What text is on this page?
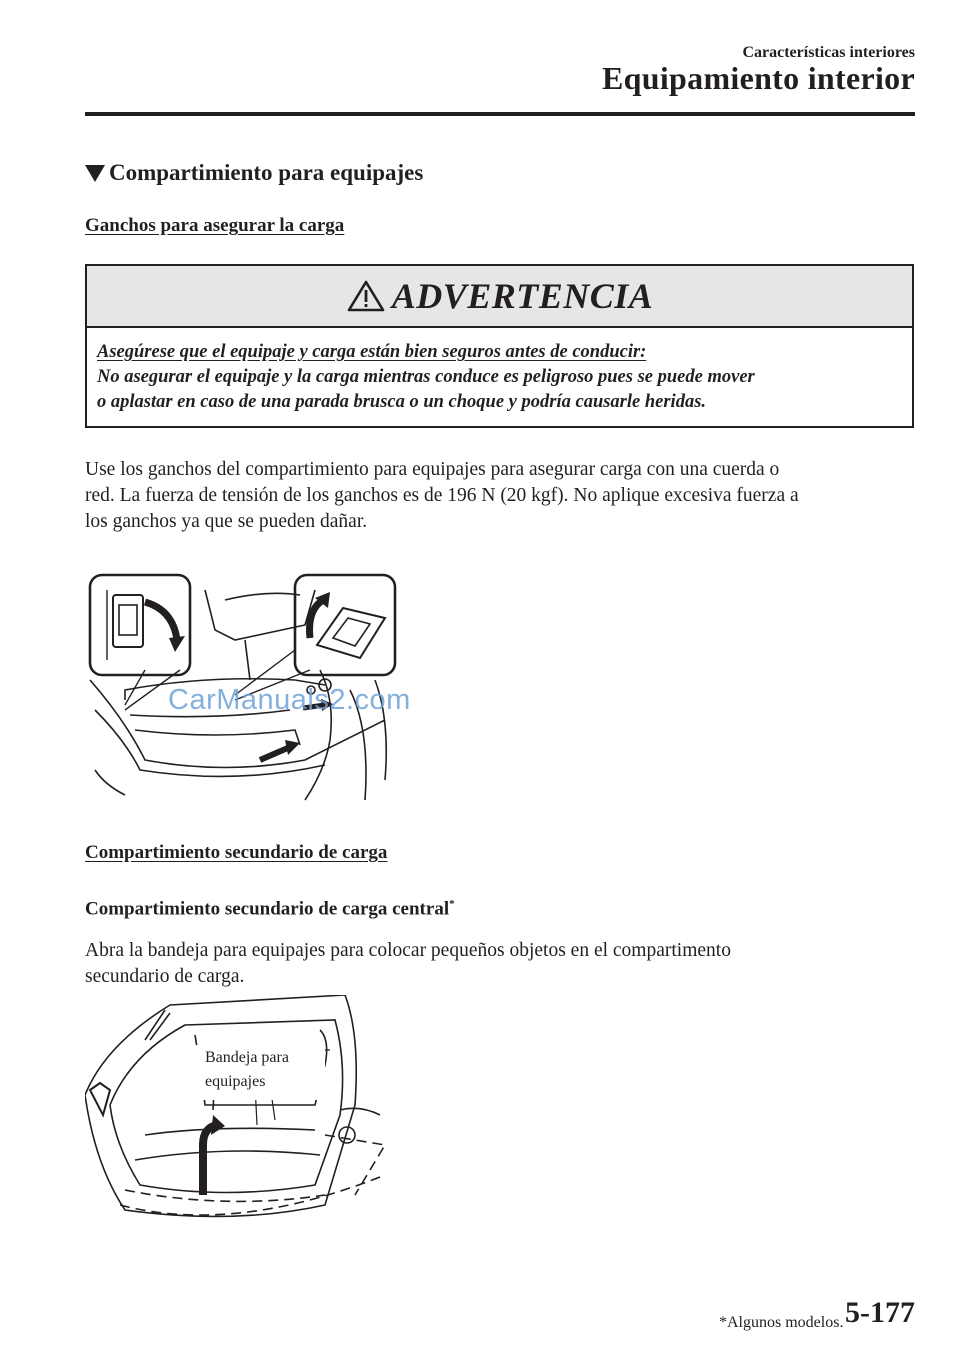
Características interiores
Equipamiento interior
Compartimiento para equipajes
Ganchos para asegurar la carga
ADVERTENCIA
Asegúrese que el equipaje y carga están bien seguros antes de conducir:
No asegurar el equipaje y la carga mientras conduce es peligroso pues se puede mover
o aplastar en caso de una parada brusca o un choque y podría causarle heridas.
Use los ganchos del compartimiento para equipajes para asegurar carga con una cuerda o
red. La fuerza de tensión de los ganchos es de 196 N (20 kgf). No aplique excesiva fuerza a
los ganchos ya que se pueden dañar.
CarManuals2.com
Compartimiento secundario de carga
Compartimiento secundario de carga central*
Abra la bandeja para equipajes para colocar pequeños objetos en el compartimento
secundario de carga.
Bandeja para
equipajes
*Algunos modelos. 5-177
